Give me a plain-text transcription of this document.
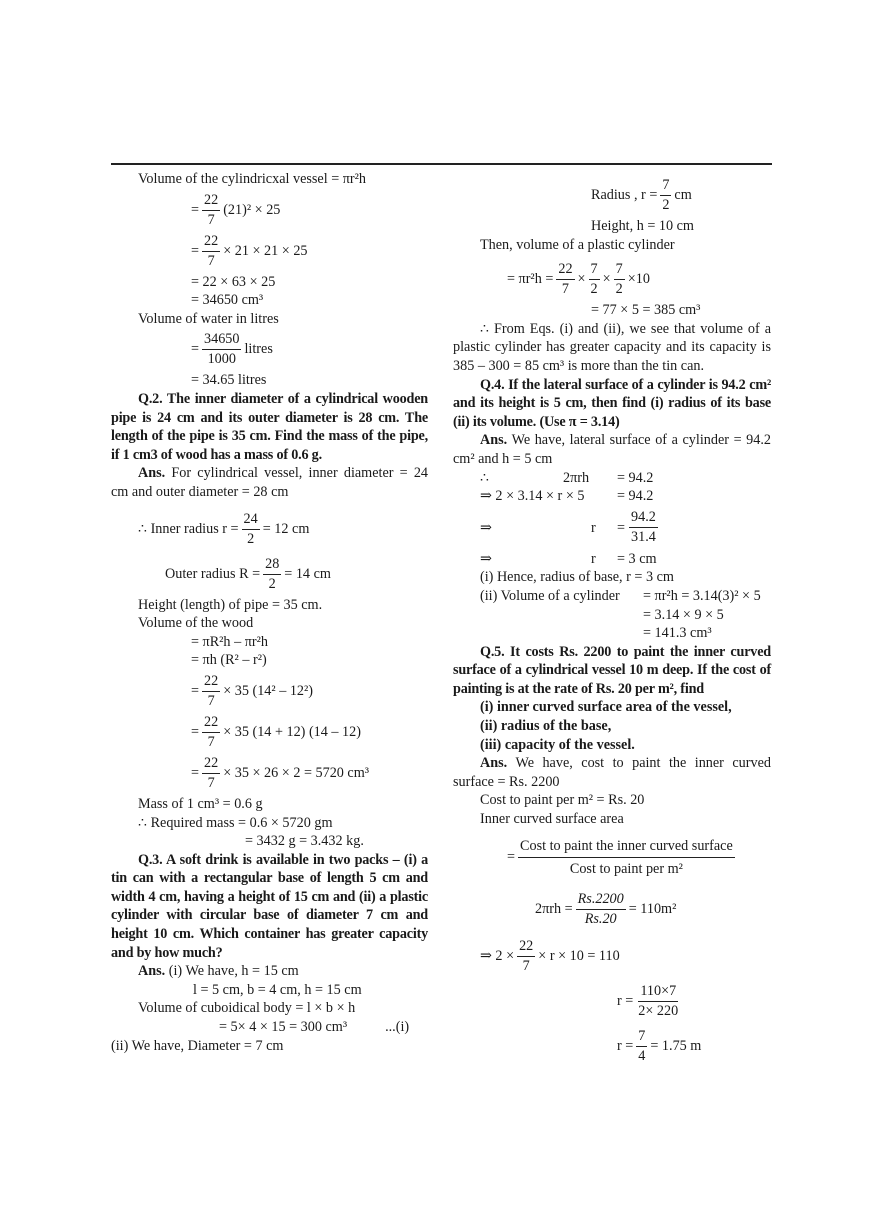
Volume of the cylindricxal vessel = πr²h
= $\frac{22}{7} (21)^2 \times 25$
= $\frac{22}{7} \times 21 \times 21 \times 25$
= 22 × 63 × 25
= 34650 cm³
Volume of water in litres
= $\frac{34650}{1000}$ litres
= 34.65 litres
Q.2. The inner diameter of a cylindrical wooden pipe is 24 cm and its outer diameter is 28 cm. The length of the pipe is 35 cm. Find the mass of the pipe, if 1 cm3 of wood has a mass of 0.6 g.
Ans. For cylindrical vessel, inner diameter = 24 cm and outer diameter = 28 cm
∴ Inner radius $r = \frac{24}{2} = 12$ cm
Outer radius $R = \frac{28}{2} = 14$ cm
Height (length) of pipe = 35 cm.
Volume of the wood
= πR²h – πr²h
= πh (R² – r²)
= $\frac{22}{7} \times 35$ (14² – 12²)
= $\frac{22}{7} \times 35$ (14 + 12) (14 – 12)
= $\frac{22}{7} \times 35 \times 26 \times 2 = 5720$ cm³
Mass of 1 cm³ = 0.6 g
∴ Required mass = 0.6 × 5720 gm
= 3432 g = 3.432 kg.
Q.3. A soft drink is available in two packs – (i) a tin can with a rectangular base of length 5 cm and width 4 cm, having a height of 15 cm and (ii) a plastic cylinder with circular base of diameter 7 cm and height 10 cm. Which container has greater capacity and by how much?
Ans. (i) We have, h = 15 cm
l = 5 cm, b = 4 cm, h = 15 cm
Volume of cuboidical body = l × b × h
= 5× 4 × 15 = 300 cm³	...(i)
(ii) We have, Diameter = 7 cm
Radius , $r = \frac{7}{2}$ cm
Height, h = 10 cm
Then, volume of a plastic cylinder
= $\pi r^2h = \frac{22}{7} \times \frac{7}{2} \times \frac{7}{2} \times 10$
= 77 × 5 = 385 cm³
∴ From Eqs. (i) and (ii), we see that volume of a plastic cylinder has greater capacity and its capacity is 385 – 300 = 85 cm³ is more than the tin can.
Q.4. If the lateral surface of a cylinder is 94.2 cm² and its height is 5 cm, then find (i) radius of its base (ii) its volume. (Use π = 3.14)
Ans. We have, lateral surface of a cylinder = 94.2 cm² and h = 5 cm
∴	2πrh = 94.2

⇒ 2 × 3.14 × r × 5 = 94.2

⇒	$r = \frac{94.2}{31.4}$
⇒	r = 3 cm

(i) Hence, radius of base, r = 3 cm
(ii) Volume of a cylinder = πr²h = 3.14(3)² × 5
= 3.14 × 9 × 5
= 141.3 cm³
Q.5. It costs Rs. 2200 to paint the inner curved surface of a cylindrical vessel 10 m deep. If the cost of painting is at the rate of Rs. 20 per m², find
(i) inner curved surface area of the vessel,
(ii) radius of the base,
(iii) capacity of the vessel.
Ans. We have, cost to paint the inner curved surface = Rs. 2200
Cost to paint per m² = Rs. 20
Inner curved surface area
= $\frac{\text{Cost to paint the inner curved surface}}{\text{Cost to paint per m²}}$
$2\pi rh = \frac{Rs.2200}{Rs.20} = 110m^2$
⇒ $2 \times \frac{22}{7} \times r \times 10 = 110$
$r = \frac{110\times 7}{2\times 220}$
$r = \frac{7}{4} = 1.75$ m
